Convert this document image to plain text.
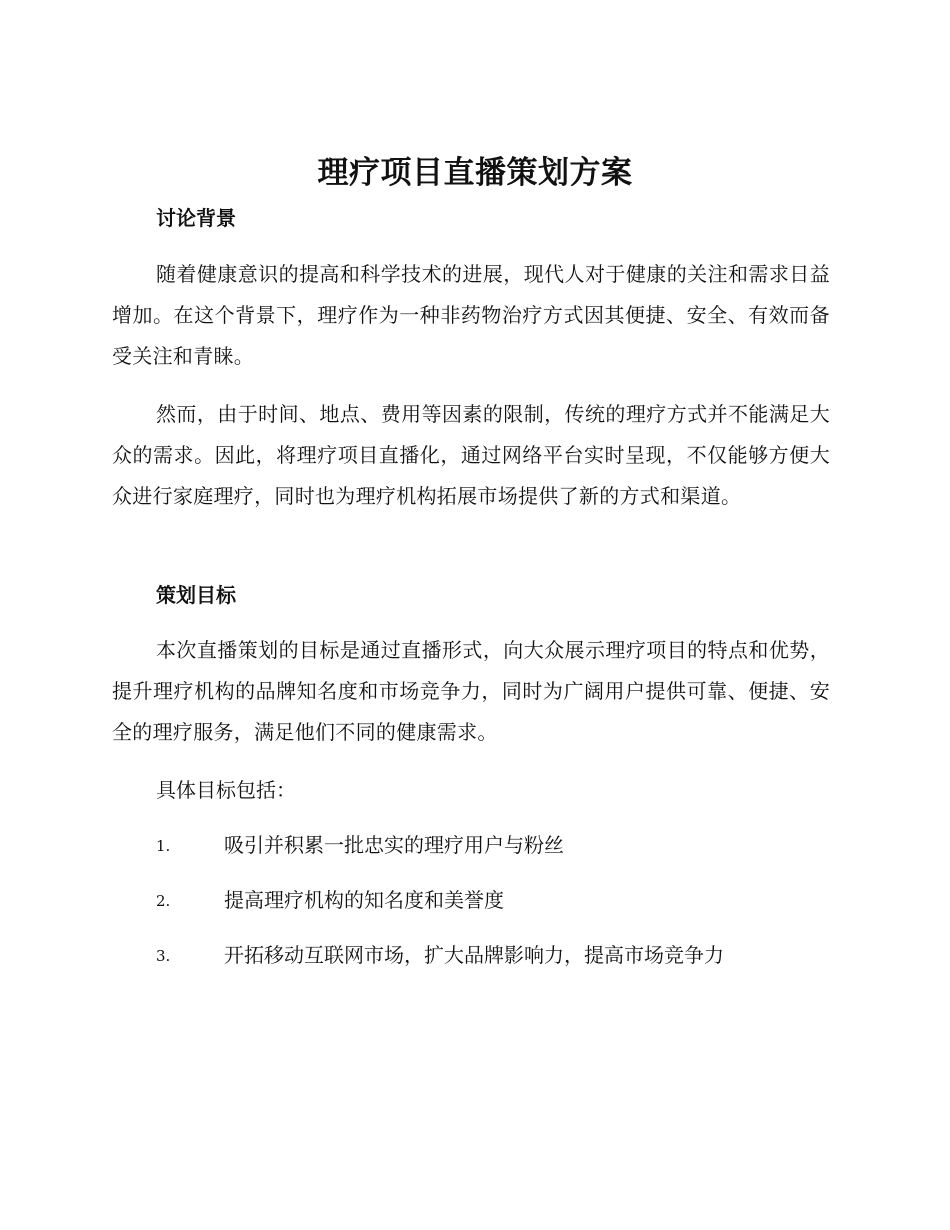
理疗项目直播策划方案
讨论背景

随着健康意识的提高和科学技术的进展，现代人对于健康的关注和需求日益增加。在这个背景下，理疗作为一种非药物治疗方式因其便捷、安全、有效而备受关注和青睐。

然而，由于时间、地点、费用等因素的限制，传统的理疗方式并不能满足大众的需求。因此，将理疗项目直播化，通过网络平台实时呈现，不仅能够方便大众进行家庭理疗，同时也为理疗机构拓展市场提供了新的方式和渠道。

策划目标

本次直播策划的目标是通过直播形式，向大众展示理疗项目的特点和优势，提升理疗机构的品牌知名度和市场竞争力，同时为广阔用户提供可靠、便捷、安全的理疗服务，满足他们不同的健康需求。

具体目标包括：

1.	吸引并积累一批忠实的理疗用户与粉丝
2.	提高理疗机构的知名度和美誉度
3.	开拓移动互联网市场，扩大品牌影响力，提高市场竞争力
